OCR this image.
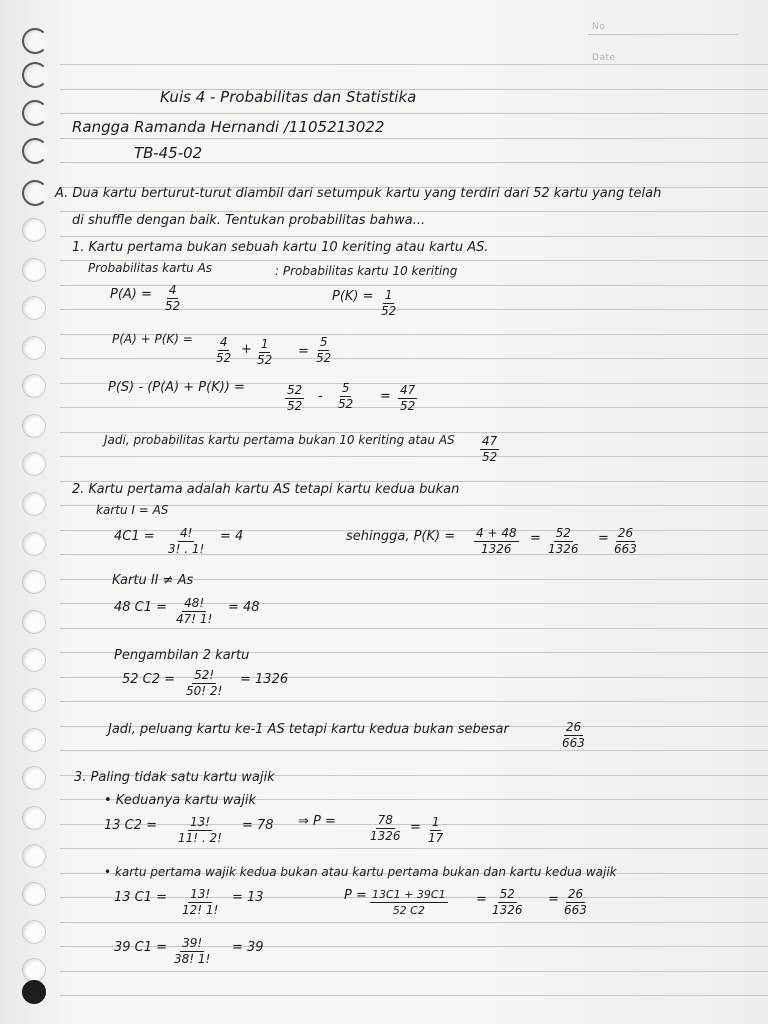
No
Date
Kuis 4 - Probabilitas dan Statistika
Rangga Ramanda Hernandi /1105213022
TB-45-02
A. Dua kartu berturut-turut diambil dari setumpuk kartu yang terdiri dari 52 kartu yang telah
di shuffle dengan baik. Tentukan probabilitas bahwa...
1. Kartu pertama bukan sebuah kartu 10 keriting atau kartu AS.
Probabilitas kartu As	: Probabilitas kartu 10 keriting
$P(A) = \frac{4}{52}$	$P(K) = \frac{1}{52}$
$P(A) + P(K) = \frac{4}{52} + \frac{1}{52} = \frac{5}{52}$
P(S) - (P(A) + P(K)) =	$\frac{52}{52} - \frac{5}{52} = \frac{47}{52}$
Jadi, probabilitas kartu pertama bukan 10 keriting atau AS $\frac{47}{52}$
2. Kartu pertama adalah kartu AS tetapi kartu kedua bukan
kartu I = AS
$4C1 = \frac{4!}{3! . 1!} = 4$	sehingga, $P(K) = \frac{4 + 48}{1326} = \frac{52}{1326} = \frac{26}{663}$
Kartu II ≠ As
48 $C1 = \frac{48!}{47! 1!} = 48$
Pengambilan 2 kartu
52 $C2 = \frac{52!}{50! 2!} = 1326$
Jadi, peluang kartu ke-1 AS tetapi kartu kedua bukan sebesar	$\frac{26}{663}$
3. Paling tidak satu kartu wajik
• Keduanya kartu wajik
13 $C2 = \frac{13!}{11! . 2!} = 78$ ⇒ P =	$\frac{78}{1326} = \frac{1}{17}$
• kartu pertama wajik kedua bukan atau kartu pertama bukan dan kartu kedua wajik
13 $C1 = \frac{13!}{12! 1!} = 13$	$P = \frac{13C1 + 39C1}{52 C2} = \frac{52}{1326} = \frac{26}{663}$
39 $C1 = \frac{39!}{38! 1!} = 39$
